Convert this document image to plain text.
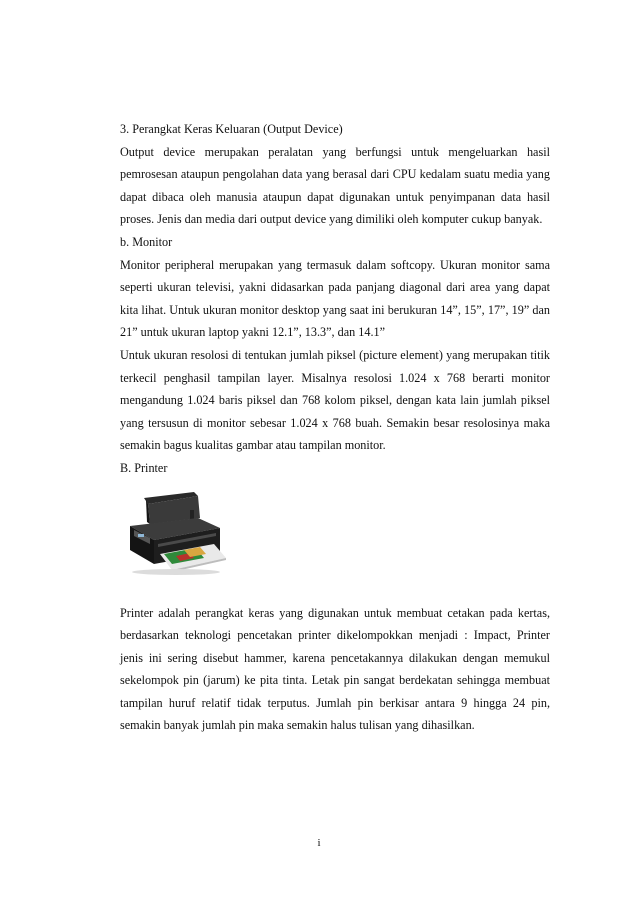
3. Perangkat Keras Keluaran (Output Device)

Output device merupakan peralatan yang berfungsi untuk mengeluarkan hasil pemrosesan ataupun pengolahan data yang berasal dari CPU kedalam suatu media yang dapat dibaca oleh manusia ataupun dapat digunakan untuk penyimpanan data hasil proses. Jenis dan media dari output device yang dimiliki oleh komputer cukup banyak.

b. Monitor

Monitor peripheral merupakan yang termasuk dalam softcopy. Ukuran monitor sama seperti ukuran televisi, yakni didasarkan pada panjang diagonal dari area yang dapat kita lihat. Untuk ukuran monitor desktop yang saat ini berukuran 14”, 15”, 17”, 19” dan 21” untuk ukuran laptop yakni 12.1”, 13.3”, dan 14.1”

Untuk ukuran resolosi di tentukan jumlah piksel (picture element) yang merupakan titik terkecil penghasil tampilan layer. Misalnya resolosi 1.024 x 768 berarti monitor mengandung 1.024 baris piksel dan 768 kolom piksel, dengan kata lain jumlah piksel yang tersusun di monitor sebesar 1.024 x 768 buah. Semakin besar resolosinya maka semakin bagus kualitas gambar atau tampilan monitor.

B. Printer

Printer adalah perangkat keras yang digunakan untuk membuat cetakan pada kertas, berdasarkan teknologi pencetakan printer dikelompokkan menjadi : Impact, Printer jenis ini sering disebut hammer, karena pencetakannya dilakukan dengan memukul sekelompok pin (jarum) ke pita tinta. Letak pin sangat berdekatan sehingga membuat tampilan huruf relatif tidak terputus. Jumlah pin berkisar antara 9 hingga 24 pin, semakin banyak jumlah pin maka semakin halus tulisan yang dihasilkan.

i
